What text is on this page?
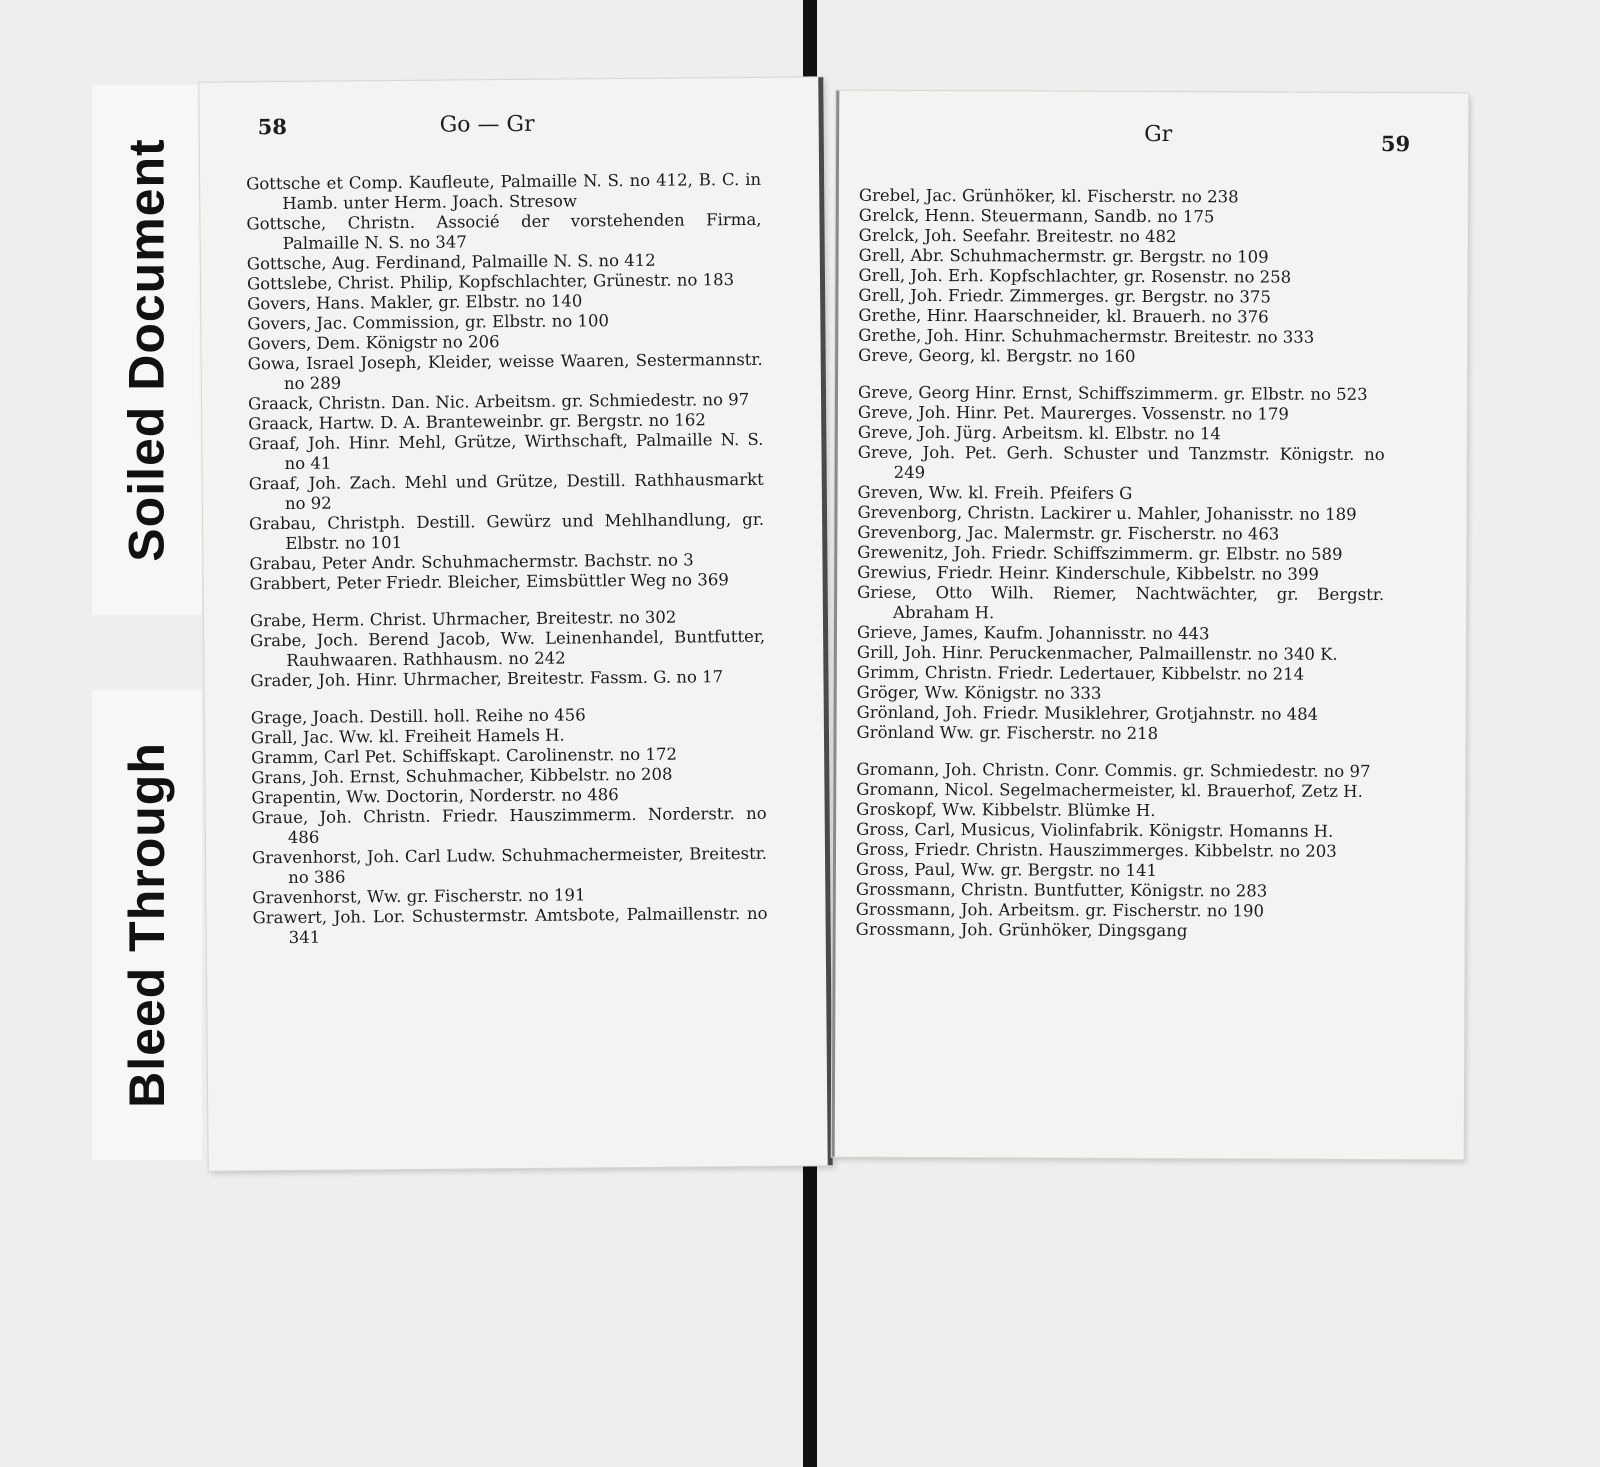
Soiled Document
Bleed Through
58	Go — Gr
Gottsche et Comp. Kaufleute, Palmaille N. S. no 412, B. C. in Hamb. unter Herm. Joach. Stresow
Gottsche, Christn. Associé der vorstehenden Firma, Palmaille N. S. no 347
Gottsche, Aug. Ferdinand, Palmaille N. S. no 412
Gottslebe, Christ. Philip, Kopfschlachter, Grünestr. no 183
Govers, Hans. Makler, gr. Elbstr. no 140
Govers, Jac. Commission, gr. Elbstr. no 100
Govers, Dem. Königstr no 206
Gowa, Israel Joseph, Kleider, weisse Waaren, Sestermannstr. no 289
Graack, Christn. Dan. Nic. Arbeitsm. gr. Schmiedestr. no 97
Graack, Hartw. D. A. Branteweinbr. gr. Bergstr. no 162
Graaf, Joh. Hinr. Mehl, Grütze, Wirthschaft, Palmaille N. S. no 41
Graaf, Joh. Zach. Mehl und Grütze, Destill. Rathhausmarkt no 92
Grabau, Christph. Destill. Gewürz und Mehlhandlung, gr. Elbstr. no 101
Grabau, Peter Andr. Schuhmachermstr. Bachstr. no 3
Grabbert, Peter Friedr. Bleicher, Eimsbüttler Weg no 369
Grabe, Herm. Christ. Uhrmacher, Breitestr. no 302
Grabe, Joch. Berend Jacob, Ww. Leinenhandel, Buntfutter, Rauhwaaren. Rathhausm. no 242
Grader, Joh. Hinr. Uhrmacher, Breitestr. Fassm. G. no 17
Grage, Joach. Destill. holl. Reihe no 456
Grall, Jac. Ww. kl. Freiheit Hamels H.
Gramm, Carl Pet. Schiffskapt. Carolinenstr. no 172
Grans, Joh. Ernst, Schuhmacher, Kibbelstr. no 208
Grapentin, Ww. Doctorin, Norderstr. no 486
Graue, Joh. Christn. Friedr. Hauszimmerm. Norderstr. no 486
Gravenhorst, Joh. Carl Ludw. Schuhmachermeister, Breitestr. no 386
Gravenhorst, Ww. gr. Fischerstr. no 191
Grawert, Joh. Lor. Schustermstr. Amtsbote, Palmaillenstr. no 341
Gr	59
Grebel, Jac. Grünhöker, kl. Fischerstr. no 238
Grelck, Henn. Steuermann, Sandb. no 175
Grelck, Joh. Seefahr. Breitestr. no 482
Grell, Abr. Schuhmachermstr. gr. Bergstr. no 109
Grell, Joh. Erh. Kopfschlachter, gr. Rosenstr. no 258
Grell, Joh. Friedr. Zimmerges. gr. Bergstr. no 375
Grethe, Hinr. Haarschneider, kl. Brauerh. no 376
Grethe, Joh. Hinr. Schuhmachermstr. Breitestr. no 333
Greve, Georg, kl. Bergstr. no 160
Greve, Georg Hinr. Ernst, Schiffszimmerm. gr. Elbstr. no 523
Greve, Joh. Hinr. Pet. Maurerges. Vossenstr. no 179
Greve, Joh. Jürg. Arbeitsm. kl. Elbstr. no 14
Greve, Joh. Pet. Gerh. Schuster und Tanzmstr. Königstr. no 249
Greven, Ww. kl. Freih. Pfeifers G
Grevenborg, Christn. Lackirer u. Mahler, Johanisstr. no 189
Grevenborg, Jac. Malermstr. gr. Fischerstr. no 463
Grewenitz, Joh. Friedr. Schiffszimmerm. gr. Elbstr. no 589
Grewius, Friedr. Heinr. Kinderschule, Kibbelstr. no 399
Griese, Otto Wilh. Riemer, Nachtwächter, gr. Bergstr. Abraham H.
Grieve, James, Kaufm. Johannisstr. no 443
Grill, Joh. Hinr. Peruckenmacher, Palmaillenstr. no 340 K.
Grimm, Christn. Friedr. Ledertauer, Kibbelstr. no 214
Gröger, Ww. Königstr. no 333
Grönland, Joh. Friedr. Musiklehrer, Grotjahnstr. no 484
Grönland Ww. gr. Fischerstr. no 218
Gromann, Joh. Christn. Conr. Commis. gr. Schmiedestr. no 97
Gromann, Nicol. Segelmachermeister, kl. Brauerhof, Zetz H.
Groskopf, Ww. Kibbelstr. Blümke H.
Gross, Carl, Musicus, Violinfabrik. Königstr. Homanns H.
Gross, Friedr. Christn. Hauszimmerges. Kibbelstr. no 203
Gross, Paul, Ww. gr. Bergstr. no 141
Grossmann, Christn. Buntfutter, Königstr. no 283
Grossmann, Joh. Arbeitsm. gr. Fischerstr. no 190
Grossmann, Joh. Grünhöker, Dingsgang
